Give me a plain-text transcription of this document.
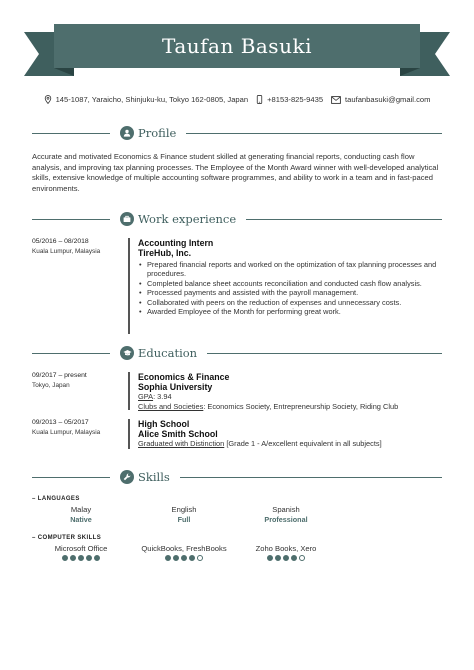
Taufan Basuki
145-1087, Yaraicho, Shinjuku-ku, Tokyo 162-0805, Japan	+8153-825-9435	taufanbasuki@gmail.com
Profile

Accurate and motivated Economics & Finance student skilled at generating financial reports, conducting cash flow analysis, and improving tax planning processes. The Employee of the Month Award winner with well-developed analytical skills, extensive knowledge of multiple accounting software programmes, and ability to work in a team and in fast-paced environments.

Work experience
05/2016 – 08/2018
Kuala Lumpur, Malaysia
Accounting Intern
TireHub, Inc.
• Prepared financial reports and worked on the optimization of tax planning processes and procedures.
• Completed balance sheet accounts reconciliation and conducted cash flow analysis.
• Processed payments and assisted with the payroll management.
• Collaborated with peers on the reduction of expenses and unnecessary costs.
• Awarded Employee of the Month for performing great work.
Education
09/2017 – present
Tokyo, Japan
Economics & Finance
Sophia University
GPA: 3.94
Clubs and Societies: Economics Society, Entrepreneurship Society, Riding Club
09/2013 – 05/2017
Kuala Lumpur, Malaysia
High School
Alice Smith School
Graduated with Distinction [Grade 1 - A/excellent equivalent in all subjects]
Skills
– LANGUAGES
Malay
Native
English
Full
Spanish
Professional
– COMPUTER SKILLS
Microsoft Office	QuickBooks, FreshBooks	Zoho Books, Xero
